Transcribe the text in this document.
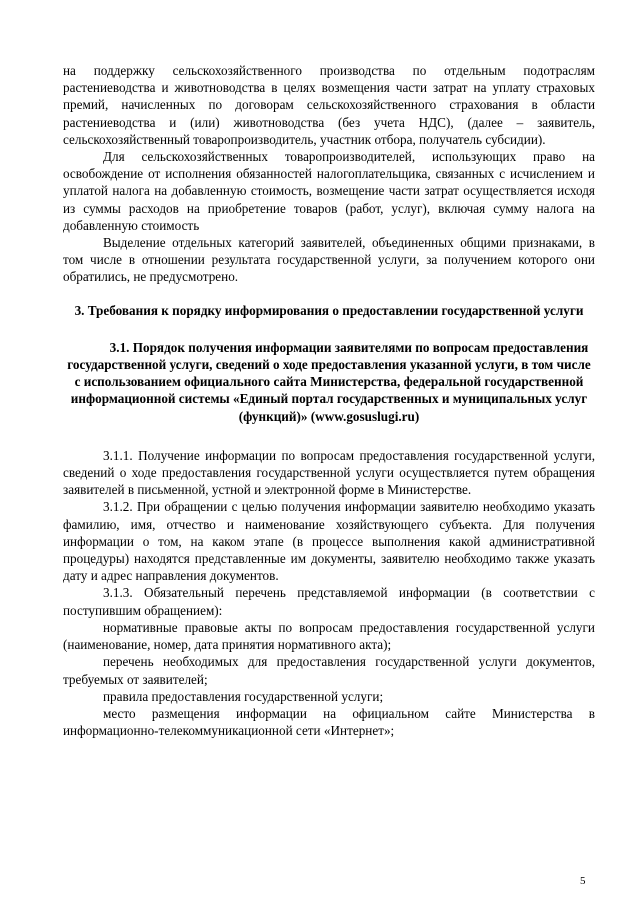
на поддержку сельскохозяйственного производства по отдельным подотраслям растениеводства и животноводства в целях возмещения части затрат на уплату страховых премий, начисленных по договорам сельскохозяйственного страхования в области растениеводства и (или) животноводства (без учета НДС), (далее – заявитель, сельскохозяйственный товаропроизводитель, участник отбора, получатель субсидии).

Для сельскохозяйственных товаропроизводителей, использующих право на освобождение от исполнения обязанностей налогоплательщика, связанных с исчислением и уплатой налога на добавленную стоимость, возмещение части затрат осуществляется исходя из суммы расходов на приобретение товаров (работ, услуг), включая сумму налога на добавленную стоимость

Выделение отдельных категорий заявителей, объединенных общими признаками, в том числе в отношении результата государственной услуги, за получением которого они обратились, не предусмотрено.

3. Требования к порядку информирования о предоставлении государственной услуги

3.1. Порядок получения информации заявителями по вопросам предоставления государственной услуги, сведений о ходе предоставления указанной услуги, в том числе с использованием официального сайта Министерства, федеральной государственной информационной системы «Единый портал государственных и муниципальных услуг (функций)» (www.gosuslugi.ru)

3.1.1. Получение информации по вопросам предоставления государственной услуги, сведений о ходе предоставления государственной услуги осуществляется путем обращения заявителей в письменной, устной и электронной форме в Министерстве.

3.1.2. При обращении с целью получения информации заявителю необходимо указать фамилию, имя, отчество и наименование хозяйствующего субъекта. Для получения информации о том, на каком этапе (в процессе выполнения какой административной процедуры) находятся представленные им документы, заявителю необходимо также указать дату и адрес направления документов.

3.1.3. Обязательный перечень представляемой информации (в соответствии с поступившим обращением):

нормативные правовые акты по вопросам предоставления государственной услуги (наименование, номер, дата принятия нормативного акта);

перечень необходимых для предоставления государственной услуги документов, требуемых от заявителей;

правила предоставления государственной услуги;

место размещения информации на официальном сайте Министерства в информационно-телекоммуникационной сети «Интернет»;

5
